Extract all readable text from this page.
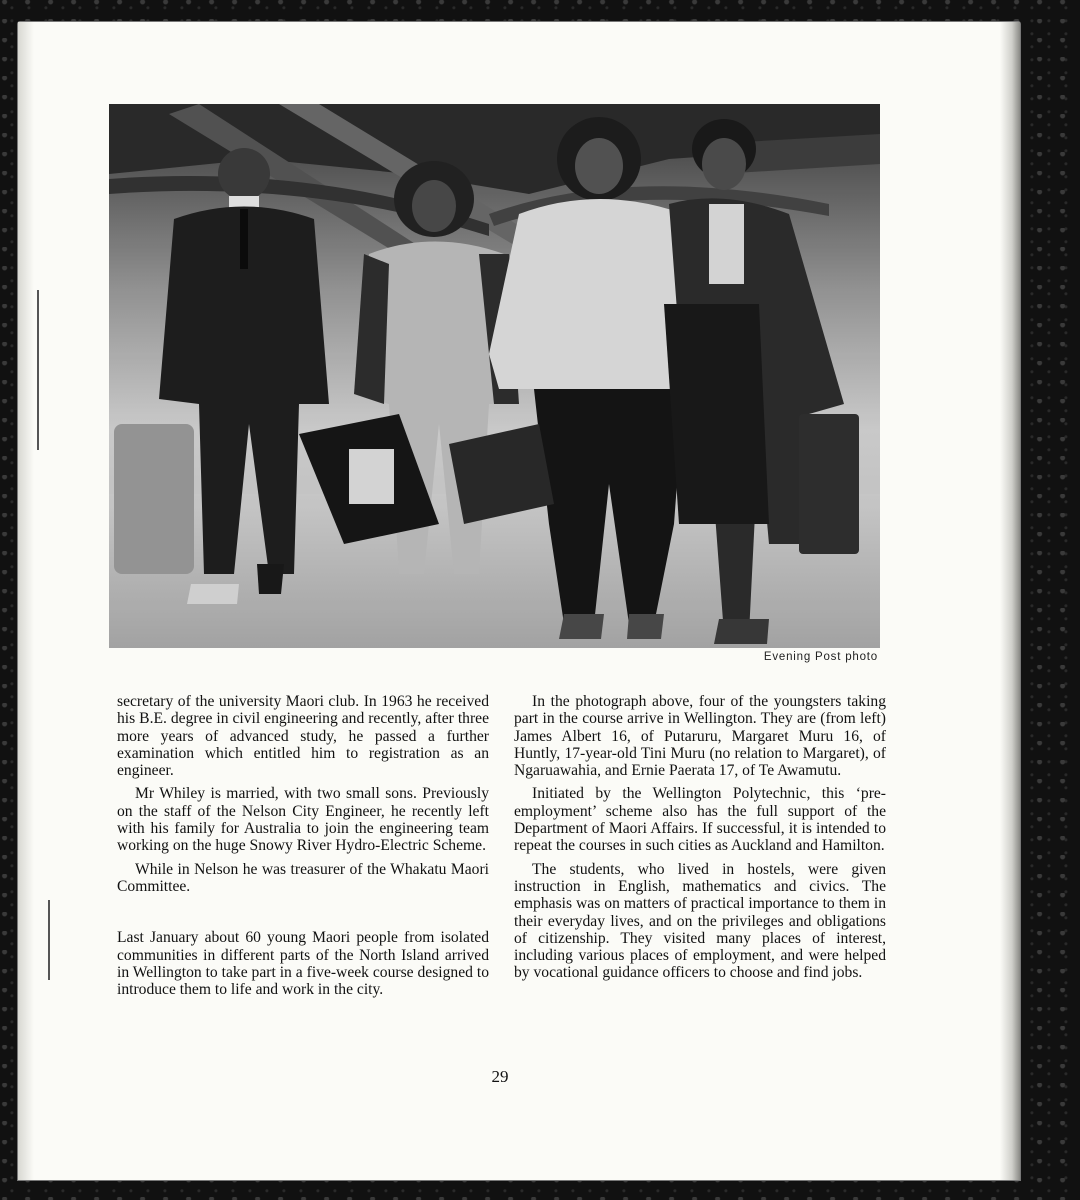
Evening Post photo

secretary of the university Maori club. In 1963 he received his B.E. degree in civil engineering and recently, after three more years of advanced study, he passed a further examination which entitled him to registration as an engineer.

Mr Whiley is married, with two small sons. Previously on the staff of the Nelson City Engineer, he recently left with his family for Australia to join the engineering team working on the huge Snowy River Hydro-Electric Scheme.

While in Nelson he was treasurer of the Whakatu Maori Committee.

Last January about 60 young Maori people from isolated communities in different parts of the North Island arrived in Wellington to take part in a five-week course designed to introduce them to life and work in the city.

In the photograph above, four of the youngsters taking part in the course arrive in Wellington. They are (from left) James Albert 16, of Putaruru, Margaret Muru 16, of Huntly, 17-year-old Tini Muru (no relation to Margaret), of Ngaruawahia, and Ernie Paerata 17, of Te Awamutu.

Initiated by the Wellington Polytechnic, this ‘pre-employment’ scheme also has the full support of the Department of Maori Affairs. If successful, it is intended to repeat the courses in such cities as Auckland and Hamilton.

The students, who lived in hostels, were given instruction in English, mathematics and civics. The emphasis was on matters of practical importance to them in their everyday lives, and on the privileges and obligations of citizenship. They visited many places of interest, including various places of employment, and were helped by vocational guidance officers to choose and find jobs.

29
